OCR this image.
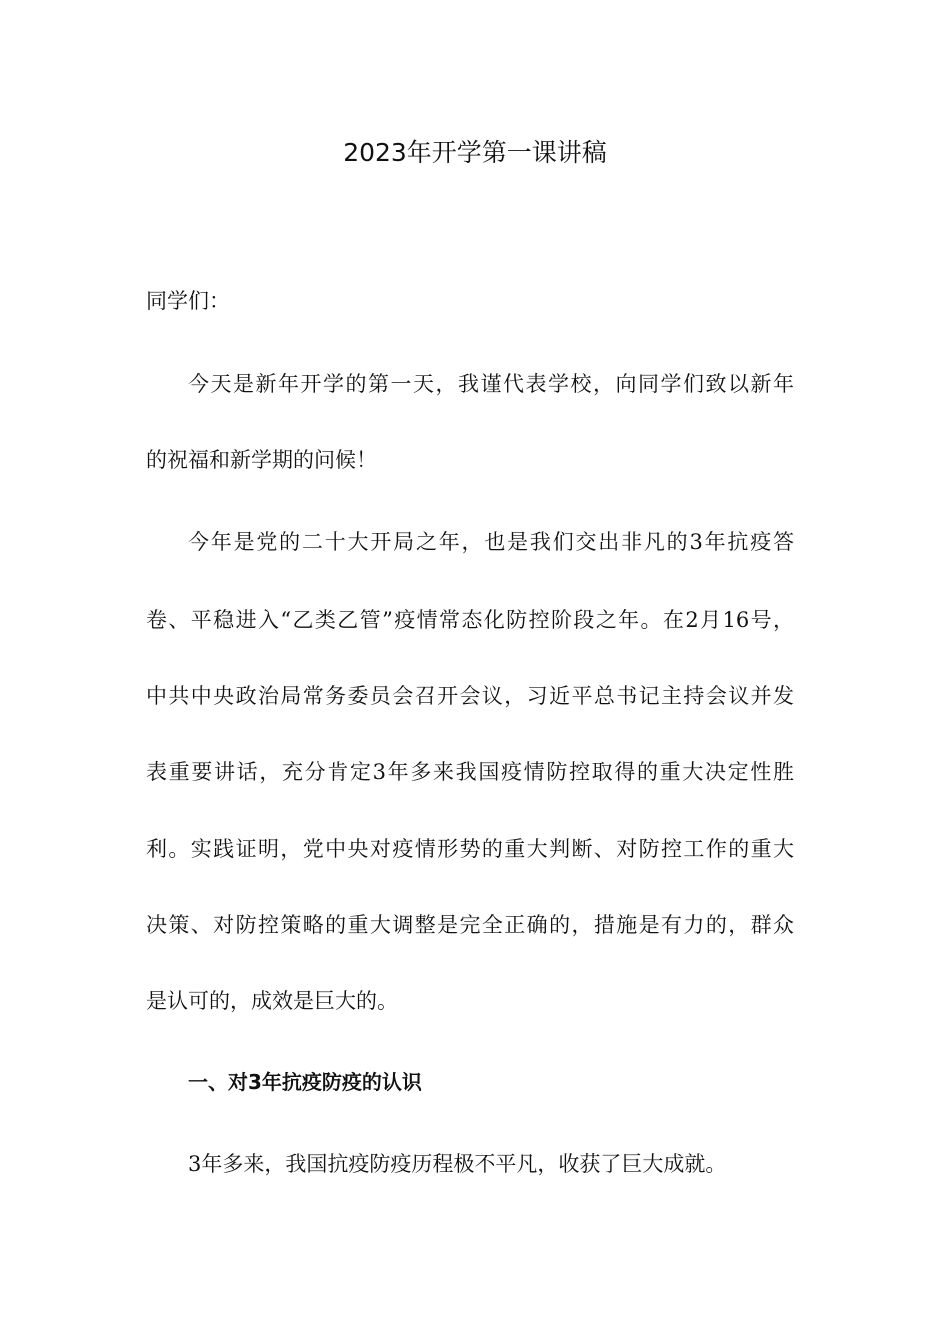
2023年开学第一课讲稿
同学们：
今天是新年开学的第一天，我谨代表学校，向同学们致以新年
的祝福和新学期的问候！
今年是党的二十大开局之年，也是我们交出非凡的3年抗疫答
卷、平稳进入“乙类乙管”疫情常态化防控阶段之年。在2月16号，
中共中央政治局常务委员会召开会议，习近平总书记主持会议并发
表重要讲话，充分肯定3年多来我国疫情防控取得的重大决定性胜
利。实践证明，党中央对疫情形势的重大判断、对防控工作的重大
决策、对防控策略的重大调整是完全正确的，措施是有力的，群众
是认可的，成效是巨大的。
一、对3年抗疫防疫的认识
3年多来，我国抗疫防疫历程极不平凡，收获了巨大成就。
